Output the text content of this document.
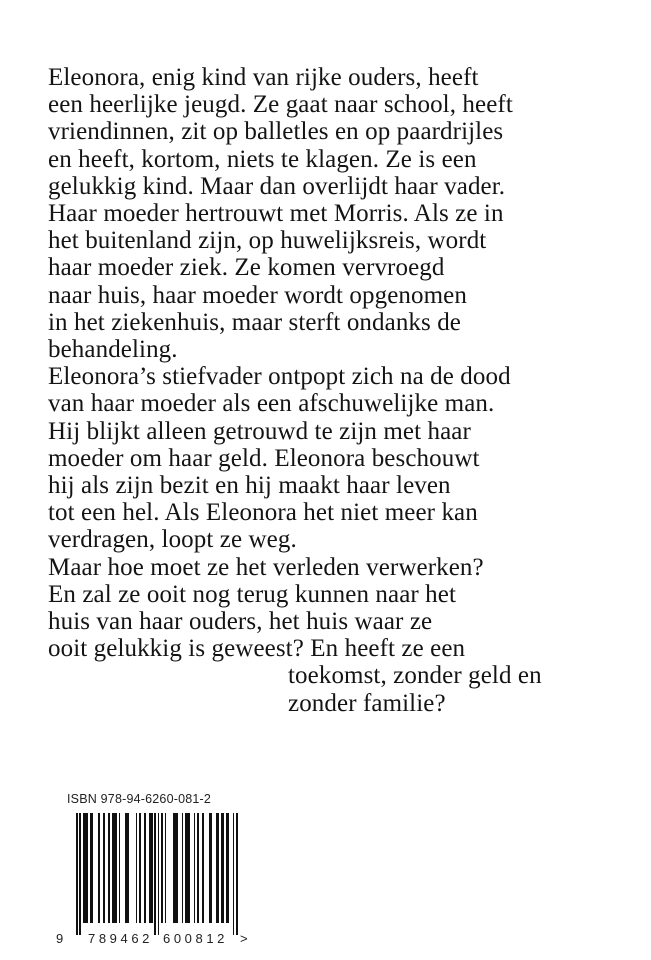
Eleonora, enig kind van rijke ouders, heeft
een heerlijke jeugd. Ze gaat naar school, heeft
vriendinnen, zit op balletles en op paardrijles
en heeft, kortom, niets te klagen. Ze is een
gelukkig kind. Maar dan overlijdt haar vader.
Haar moeder hertrouwt met Morris. Als ze in
het buitenland zijn, op huwelijksreis, wordt
haar moeder ziek. Ze komen vervroegd
naar huis, haar moeder wordt opgenomen
in het ziekenhuis, maar sterft ondanks de
behandeling.
Eleonora’s stiefvader ontpopt zich na de dood
van haar moeder als een afschuwelijke man.
Hij blijkt alleen getrouwd te zijn met haar
moeder om haar geld. Eleonora beschouwt
hij als zijn bezit en hij maakt haar leven
tot een hel. Als Eleonora het niet meer kan
verdragen, loopt ze weg.
Maar hoe moet ze het verleden verwerken?
En zal ze ooit nog terug kunnen naar het
huis van haar ouders, het huis waar ze
ooit gelukkig is geweest? En heeft ze een
toekomst, zonder geld en
zonder familie?
ISBN 978-94-6260-081-2
9 789462 600812 >
